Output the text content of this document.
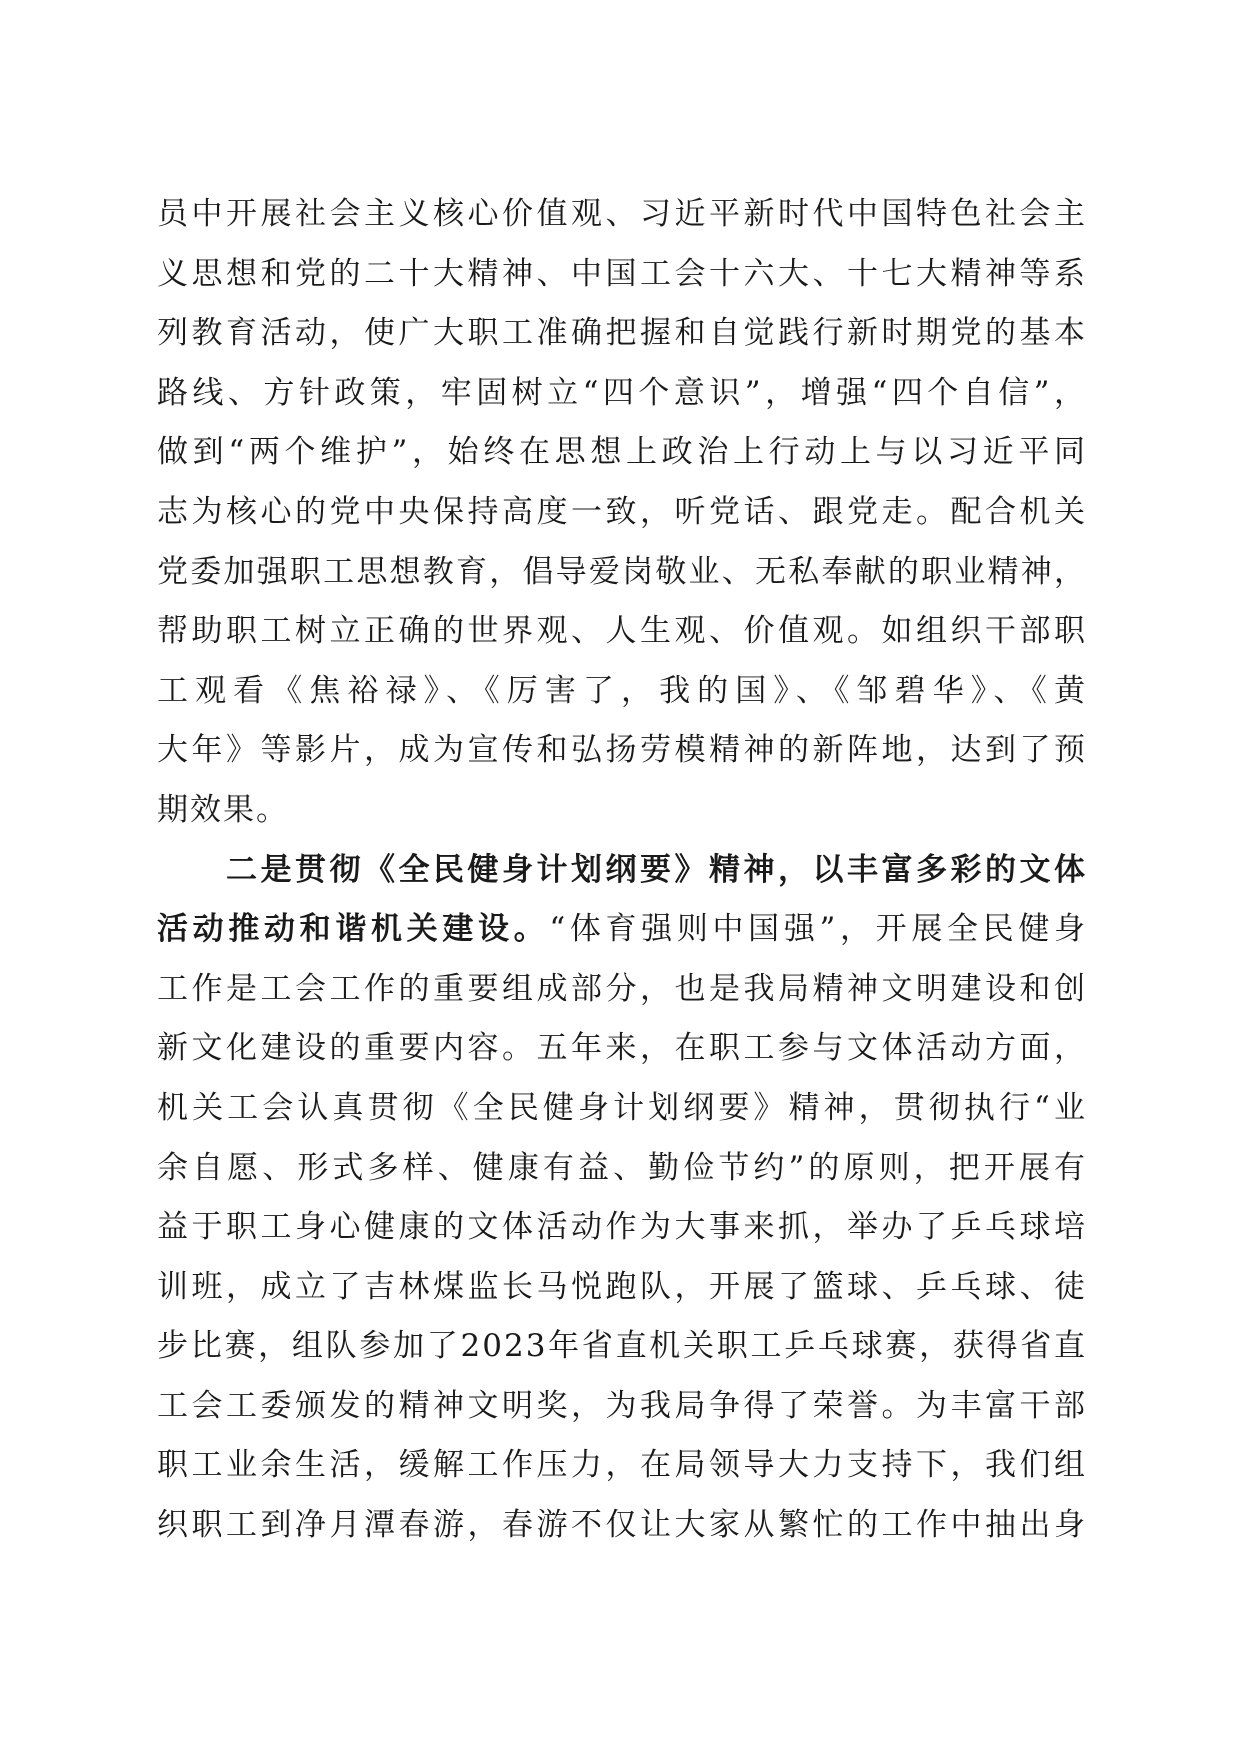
员中开展社会主义核心价值观、习近平新时代中国特色社会主
义思想和党的二十大精神、中国工会十六大、十七大精神等系
列教育活动，使广大职工准确把握和自觉践行新时期党的基本
路线、方针政策，牢固树立“四个意识”，增强“四个自信”，
做到“两个维护”，始终在思想上政治上行动上与以习近平同
志为核心的党中央保持高度一致，听党话、跟党走。配合机关
党委加强职工思想教育，倡导爱岗敬业、无私奉献的职业精神，
帮助职工树立正确的世界观、人生观、价值观。如组织干部职
工观看《焦裕禄》、《厉害了，我的国》、《邹碧华》、《黄
大年》等影片，成为宣传和弘扬劳模精神的新阵地，达到了预
期效果。
　　二是贯彻《全民健身计划纲要》精神，以丰富多彩的文体
活动推动和谐机关建设。“体育强则中国强”，开展全民健身
工作是工会工作的重要组成部分，也是我局精神文明建设和创
新文化建设的重要内容。五年来，在职工参与文体活动方面，
机关工会认真贯彻《全民健身计划纲要》精神，贯彻执行“业
余自愿、形式多样、健康有益、勤俭节约”的原则，把开展有
益于职工身心健康的文体活动作为大事来抓，举办了乒乓球培
训班，成立了吉林煤监长马悦跑队，开展了篮球、乒乓球、徒
步比赛，组队参加了2023年省直机关职工乒乓球赛，获得省直
工会工委颁发的精神文明奖，为我局争得了荣誉。为丰富干部
职工业余生活，缓解工作压力，在局领导大力支持下，我们组
织职工到净月潭春游，春游不仅让大家从繁忙的工作中抽出身
